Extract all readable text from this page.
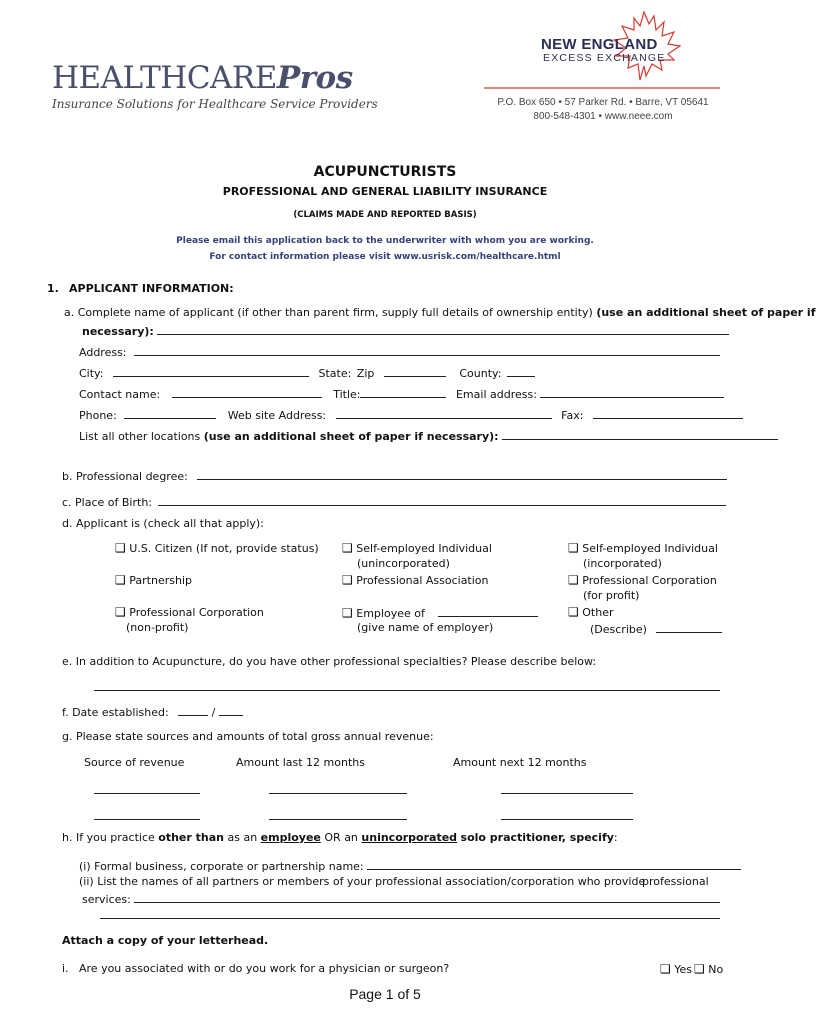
HEALTHCAREPros
Insurance Solutions for Healthcare Service Providers
NEW ENGLAND
EXCESS EXCHANGE
P.O. Box 650 • 57 Parker Rd. • Barre, VT 05641
800-548-4301 • www.neee.com
ACUPUNCTURISTS
PROFESSIONAL AND GENERAL LIABILITY INSURANCE
(CLAIMS MADE AND REPORTED BASIS)
Please email this application back to the underwriter with whom you are working.
For contact information please visit www.usrisk.com/healthcare.html
1. APPLICANT INFORMATION:
a. Complete name of applicant (if other than parent firm, supply full details of ownership entity) (use an additional sheet of paper if
necessary):
Address:
City:	State: Zip	County:
Contact name:	Title:	Email address:
Phone:	Web site Address:	Fax:
List all other locations (use an additional sheet of paper if necessary):
b. Professional degree:
c. Place of Birth:
d. Applicant is (check all that apply):
❑ U.S. Citizen (If not, provide status) ❑ Self-employed Individual
(unincorporated)
❑ Self-employed Individual
(incorporated)
❑ Partnership	❑ Professional Association	❑ Professional Corporation
(for profit)
❑ Professional Corporation
(non-profit)
❑ Employee of
(give name of employer)
❑ Other
(Describe)
e. In addition to Acupuncture, do you have other professional specialties? Please describe below:
f. Date established:	/
g. Please state sources and amounts of total gross annual revenue:
Source of revenue	Amount last 12 months	Amount next 12 months
h. If you practice other than as an employee OR an unincorporated solo practitioner, specify:
(i) Formal business, corporate or partnership name:
(ii) List the names of all partners or members of your professional association/corporation who provide
professional
services:
Attach a copy of your letterhead.
i. Are you associated with or do you work for a physician or surgeon?	❑ Yes ❑ No
Page 1 of 5
